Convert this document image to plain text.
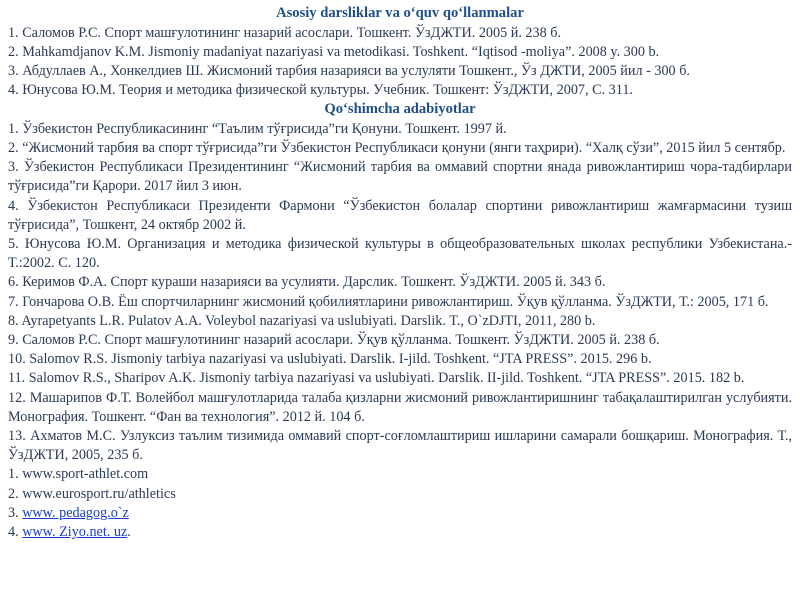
Asosiy darsliklar va o‘quv qo‘llanmalar

1. Саломов Р.С. Спорт машғулотининг назарий асослари. Тошкент. ЎзДЖТИ. 2005 й. 238 б.

2. Mahkamdjanov K.M. Jismoniy madaniyat nazariyasi va metodikasi. Toshkent. “Iqtisod -moliya”. 2008 y. 300 b.

3. Абдуллаев А., Хонкелдиев Ш. Жисмоний тарбия назарияси ва услуляти Тошкент., Ўз ДЖТИ, 2005 йил - 300 б.

4. Юнусова Ю.М. Теория и методика физической культуры. Учебник. Тошкент: ЎзДЖТИ, 2007, С. 311.

Qo‘shimcha adabiyotlar

1. Ўзбекистон Республикасининг “Таълим тўғрисида”ги Қонуни. Тошкент. 1997 й.

2. “Жисмоний тарбия ва спорт тўғрисида”ги Ўзбекистон Республикаси қонуни (янги таҳрири). “Халқ сўзи”, 2015 йил 5 сентябр.

3. Ўзбекистон Республикаси Президентининг “Жисмоний тарбия ва оммавий спортни янада ривожлантириш чора-тадбирлари тўғрисида”ги Қарори. 2017 йил 3 июн.

4. Ўзбекистон Республикаси Президенти Фармони “Ўзбекистон болалар спортини ривожлантириш жамғармасини тузиш тўғрисида”, Тошкент, 24 октябр 2002 й.

5. Юнусова Ю.М. Организация и методика физической культуры в общеобразовательных школах республики Узбекистана.- Т.:2002. С. 120.

6. Керимов Ф.А. Спорт кураши назарияси ва усулияти. Дарслик. Тошкент. ЎзДЖТИ. 2005 й. 343 б.

7. Гончарова О.В. Ёш спортчиларнинг жисмоний қобилиятларини ривожлантириш. Ўқув қўлланма. ЎзДЖТИ, Т.: 2005, 171 б.

8. Ayrapetyants L.R. Pulatov A.A. Voleybol nazariyasi va uslubiyati. Darslik. T., O`zDJTI, 2011, 280 b.

9. Саломов Р.С. Спорт машғулотининг назарий асослари. Ўқув қўлланма. Тошкент. ЎзДЖТИ. 2005 й. 238 б.

10. Salomov R.S. Jismoniy tarbiya nazariyasi va uslubiyati. Darslik. I-jild. Toshkent. “JTA PRESS”. 2015. 296 b.

11. Salomov R.S., Sharipov A.K. Jismoniy tarbiya nazariyasi va uslubiyati. Darslik. II-jild. Toshkent. “JTA PRESS”. 2015. 182 b.

12. Машарипов Ф.Т. Волейбол машғулотларида талаба қизларни жисмоний ривожлантиришнинг табақалаштирилган услубияти. Монография. Тошкент. “Фан ва технология”. 2012 й. 104 б.

13. Ахматов М.С. Узлуксиз таълим тизимида оммавий спорт-соғломлаштириш ишларини самарали бошқариш. Монография. Т., ЎзДЖТИ, 2005, 235 б.

1. www.sport-athlet.com

2. www.eurosport.ru/athletics

3. www. pedagog.o`z

4. www. Ziyo.net. uz.
